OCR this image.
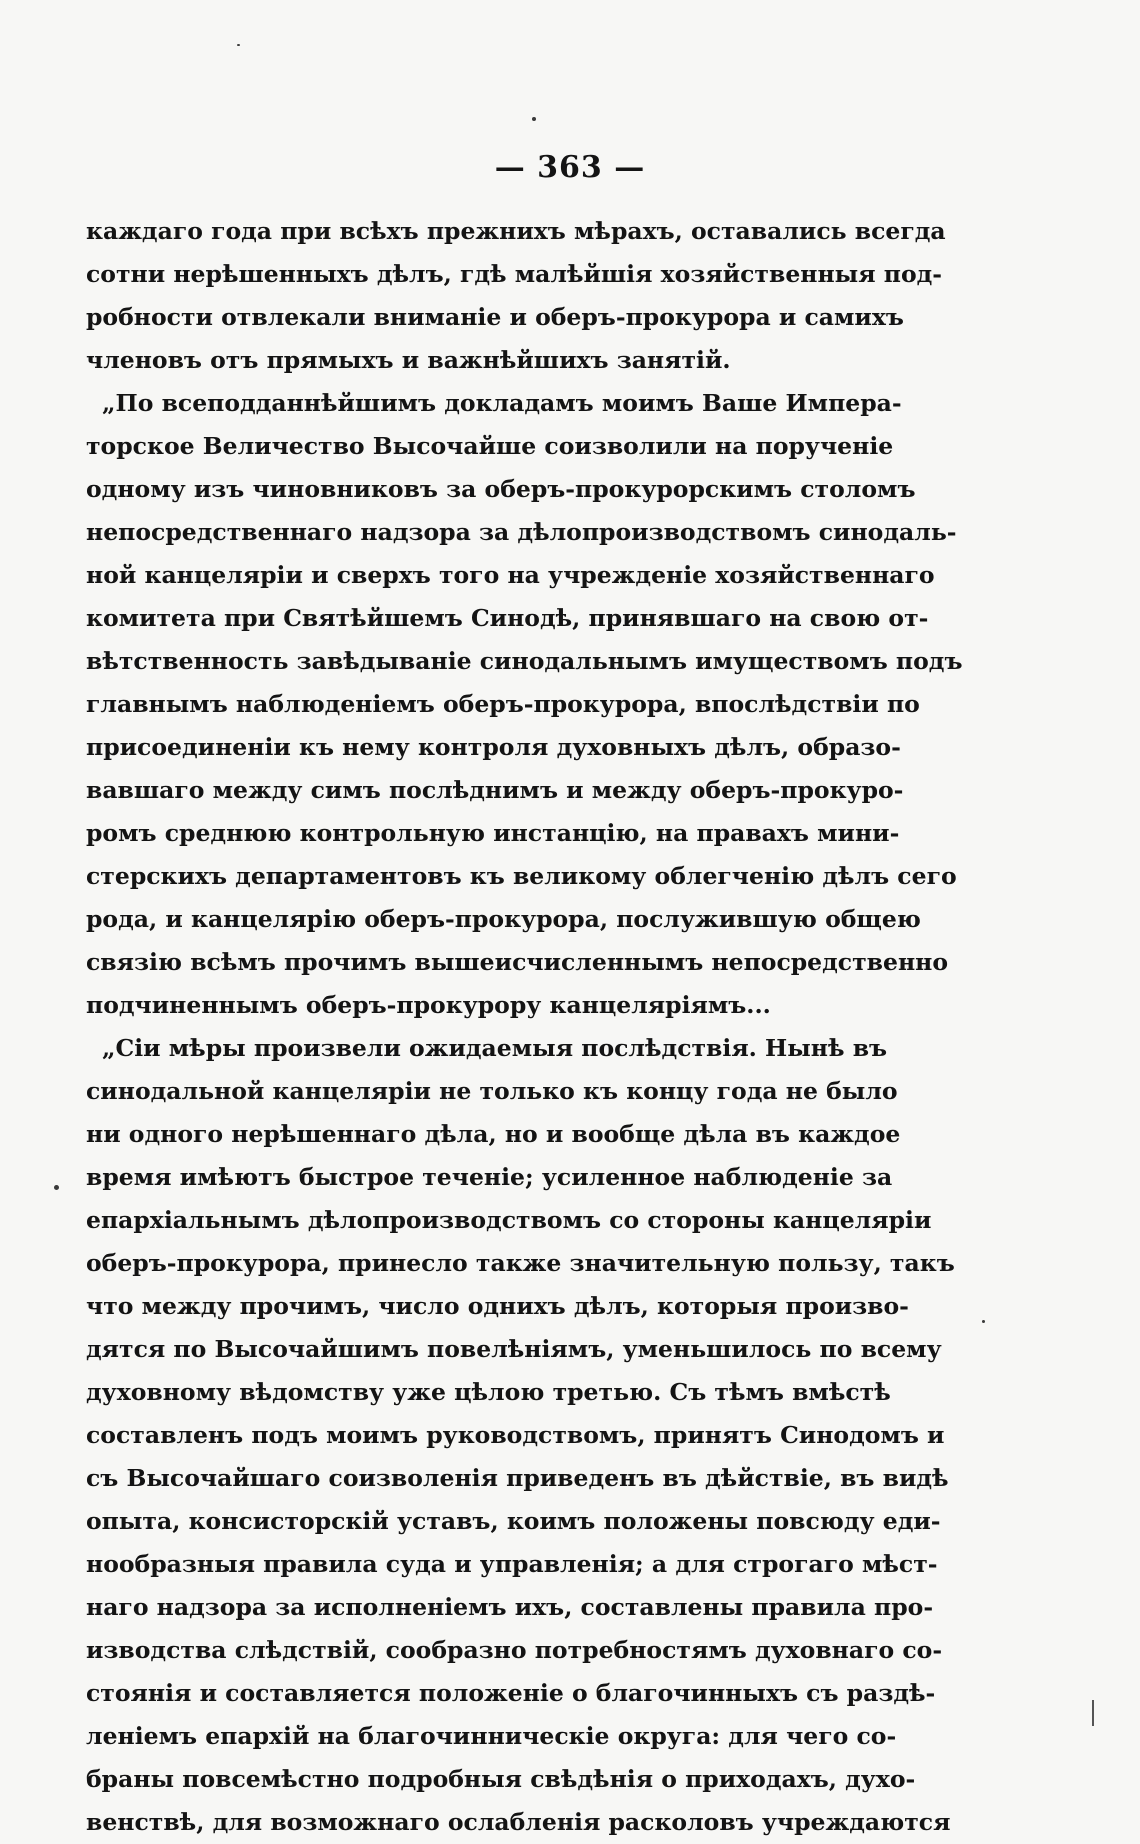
— 363 —
каждаго года при всѣхъ прежнихъ мѣрахъ, оставались всегда
сотни нерѣшенныхъ дѣлъ, гдѣ малѣйшія хозяйственныя под-
робности отвлекали вниманіе и оберъ-прокурора и самихъ
членовъ отъ прямыхъ и важнѣйшихъ занятій.
„По всеподданнѣйшимъ докладамъ моимъ Ваше Импера-
торское Величество Высочайше соизволили на порученіе
одному изъ чиновниковъ за оберъ-прокурорскимъ столомъ
непосредственнаго надзора за дѣлопроизводствомъ синодаль-
ной канцеляріи и сверхъ того на учрежденіе хозяйственнаго
комитета при Святѣйшемъ Синодѣ, принявшаго на свою от-
вѣтственность завѣдываніе синодальнымъ имуществомъ подъ
главнымъ наблюденіемъ оберъ-прокурора, впослѣдствіи по
присоединеніи къ нему контроля духовныхъ дѣлъ, образо-
вавшаго между симъ послѣднимъ и между оберъ-прокуро-
ромъ среднюю контрольную инстанцію, на правахъ мини-
стерскихъ департаментовъ къ великому облегченію дѣлъ сего
рода, и канцелярію оберъ-прокурора, послужившую общею
связію всѣмъ прочимъ вышеисчисленнымъ непосредственно
подчиненнымъ оберъ-прокурору канцеляріямъ...
„Сіи мѣры произвели ожидаемыя послѣдствія. Нынѣ въ
синодальной канцеляріи не только къ концу года не было
ни одного нерѣшеннаго дѣла, но и вообще дѣла въ каждое
время имѣютъ быстрое теченіе; усиленное наблюденіе за
епархіальнымъ дѣлопроизводствомъ со стороны канцеляріи
оберъ-прокурора, принесло также значительную пользу, такъ
что между прочимъ, число однихъ дѣлъ, которыя произво-
дятся по Высочайшимъ повелѣніямъ, уменьшилось по всему
духовному вѣдомству уже цѣлою третью. Съ тѣмъ вмѣстѣ
составленъ подъ моимъ руководствомъ, принятъ Синодомъ и
съ Высочайшаго соизволенія приведенъ въ дѣйствіе, въ видѣ
опыта, консисторскій уставъ, коимъ положены повсюду еди-
нообразныя правила суда и управленія; а для строгаго мѣст-
наго надзора за исполненіемъ ихъ, составлены правила про-
изводства слѣдствій, сообразно потребностямъ духовнаго со-
стоянія и составляется положеніе о благочинныхъ съ раздѣ-
леніемъ епархій на благочинническіе округа: для чего со-
браны повсемѣстно подробныя свѣдѣнія о приходахъ, духо-
венствѣ, для возможнаго ослабленія расколовъ учреждаются
